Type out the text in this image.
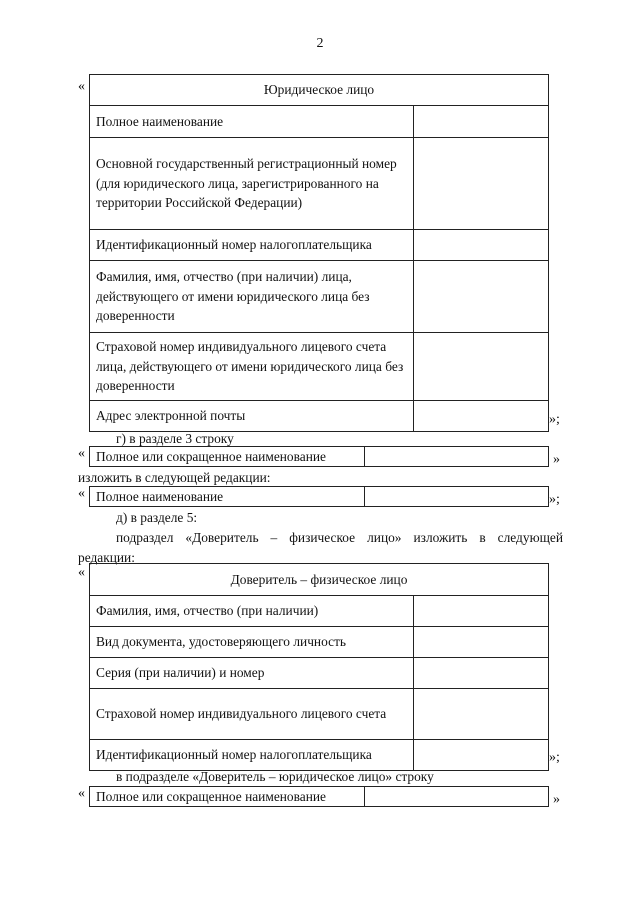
2
«	Юридическое лицо	
Полное наименование	
Основной государственный регистрационный номер (для юридического лица, зарегистрированного на территории Российской Федерации)	
Идентификационный номер налогоплательщика	
Фамилия, имя, отчество (при наличии) лица, действующего от имени юридического лица без доверенности	
Страховой номер индивидуального лицевого счета лица, действующего от имени юридического лица без доверенности	
Адрес электронной почты		»;
г) в разделе 3 строку
« Полное или сокращенное наименование		»
изложить в следующей редакции:
« Полное наименование		»;
д) в разделе 5:
подраздел «Доверитель – физическое лицо» изложить в следующей
редакции:
«	Доверитель – физическое лицо	
Фамилия, имя, отчество (при наличии)	
Вид документа, удостоверяющего личность	
Серия (при наличии) и номер	
Страховой номер индивидуального лицевого счета	
Идентификационный номер налогоплательщика		»;
в подразделе «Доверитель – юридическое лицо» строку
« Полное или сокращенное наименование		»
